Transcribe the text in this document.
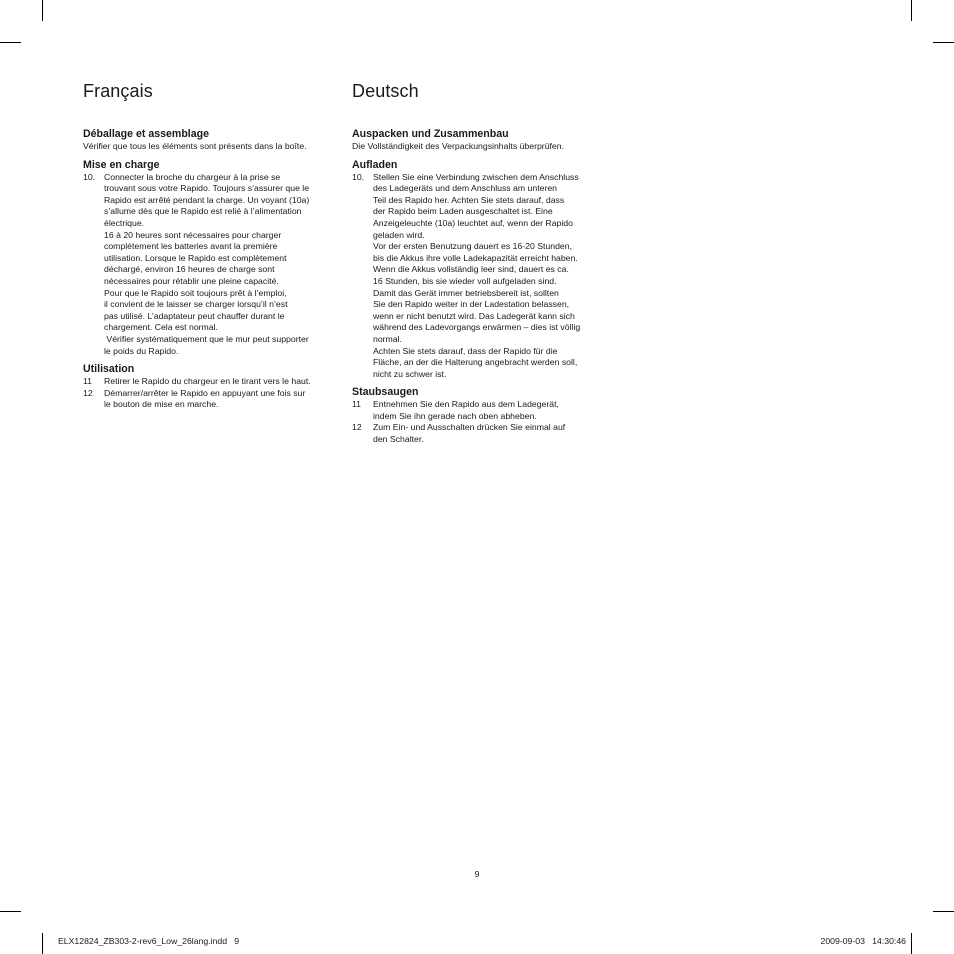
Français
Déballage et assemblage
Vérifier que tous les éléments sont présents dans la boîte.
Mise en charge
10. Connecter la broche du chargeur à la prise se
trouvant sous votre Rapido. Toujours s’assurer que le
Rapido est arrêté pendant la charge. Un voyant (10a)
s’allume dès que le Rapido est relié à l’alimentation
électrique.
16 à 20 heures sont nécessaires pour charger
complètement les batteries avant la première
utilisation. Lorsque le Rapido est complètement
déchargé, environ 16 heures de charge sont
nécessaires pour rétablir une pleine capacité.
Pour que le Rapido soit toujours prêt à l’emploi,
il convient de le laisser se charger lorsqu’il n’est
pas utilisé. L’adaptateur peut chauffer durant le
chargement. Cela est normal.
Vérifier systématiquement que le mur peut supporter
le poids du Rapido.
Utilisation
11 Retirer le Rapido du chargeur en le tirant vers le haut.
12 Démarrer/arrêter le Rapido en appuyant une fois sur
le bouton de mise en marche.
Deutsch
Auspacken und Zusammenbau
Die Vollständigkeit des Verpackungsinhalts überprüfen.
Aufladen
10. Stellen Sie eine Verbindung zwischen dem Anschluss
des Ladegeräts und dem Anschluss am unteren
Teil des Rapido her. Achten Sie stets darauf, dass
der Rapido beim Laden ausgeschaltet ist. Eine
Anzeigeleuchte (10a) leuchtet auf, wenn der Rapido
geladen wird.
Vor der ersten Benutzung dauert es 16-20 Stunden,
bis die Akkus ihre volle Ladekapazität erreicht haben.
Wenn die Akkus vollständig leer sind, dauert es ca.
16 Stunden, bis sie wieder voll aufgeladen sind.
Damit das Gerät immer betriebsbereit ist, sollten
Sie den Rapido weiter in der Ladestation belassen,
wenn er nicht benutzt wird. Das Ladegerät kann sich
während des Ladevorgangs erwärmen – dies ist völlig
normal.
Achten Sie stets darauf, dass der Rapido für die
Fläche, an der die Halterung angebracht werden soll,
nicht zu schwer ist.
Staubsaugen
11 Entnehmen Sie den Rapido aus dem Ladegerät,
indem Sie ihn gerade nach oben abheben.
12 Zum Ein- und Ausschalten drücken Sie einmal auf
den Schalter.
9
ELX12824_ZB303-2-rev6_Low_26lang.indd   9	2009-09-03   14:30:46
